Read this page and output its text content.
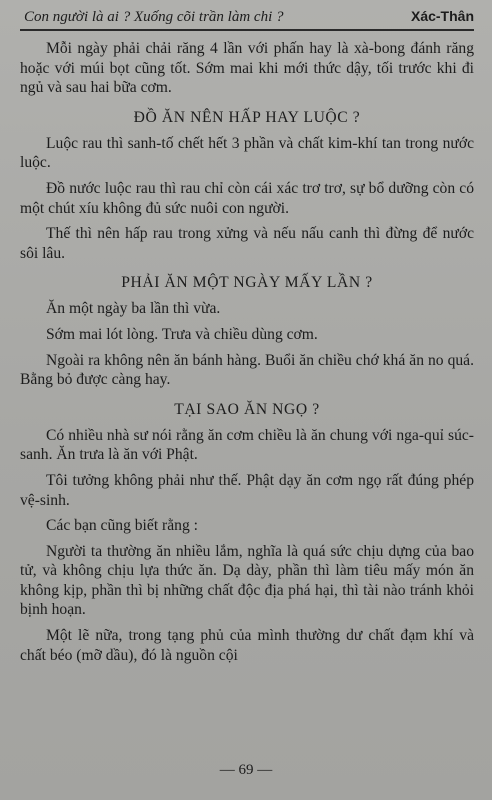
Con người là ai ? Xuống cõi trần làm chi ?	Xác-Thân

Mỗi ngày phải chải răng 4 lần với phấn hay là xà-bong đánh răng hoặc với múi bọt cũng tốt. Sớm mai khi mới thức dậy, tối trước khi đi ngủ và sau hai bữa cơm.

ĐỒ ĂN NÊN HẤP HAY LUỘC ?

Luộc rau thì sanh-tố chết hết 3 phần và chất kim-khí tan trong nước luộc.

Đồ nước luộc rau thì rau chỉ còn cái xác trơ trơ, sự bổ dưỡng còn có một chút xíu không đủ sức nuôi con người.

Thế thì nên hấp rau trong xửng và nếu nấu canh thì đừng để nước sôi lâu.

PHẢI ĂN MỘT NGÀY MẤY LẦN ?

Ăn một ngày ba lần thì vừa.

Sớm mai lót lòng. Trưa và chiều dùng cơm.

Ngoài ra không nên ăn bánh hàng. Buổi ăn chiều chớ khá ăn no quá. Bằng bỏ được càng hay.

TẠI SAO ĂN NGỌ ?

Có nhiều nhà sư nói rằng ăn cơm chiều là ăn chung với nga-quỉ súc-sanh. Ăn trưa là ăn với Phật.

Tôi tưởng không phải như thế. Phật dạy ăn cơm ngọ rất đúng phép vệ-sinh.

Các bạn cũng biết rằng :

Người ta thường ăn nhiều lắm, nghĩa là quá sức chịu dựng của bao tử, và không chịu lựa thức ăn. Dạ dày, phần thì làm tiêu mấy món ăn không kịp, phần thì bị những chất độc địa phá hại, thì tài nào tránh khỏi bịnh hoạn.

Một lẽ nữa, trong tạng phủ của mình thường dư chất đạm khí và chất béo (mỡ dầu), đó là nguồn cội

— 69 —
